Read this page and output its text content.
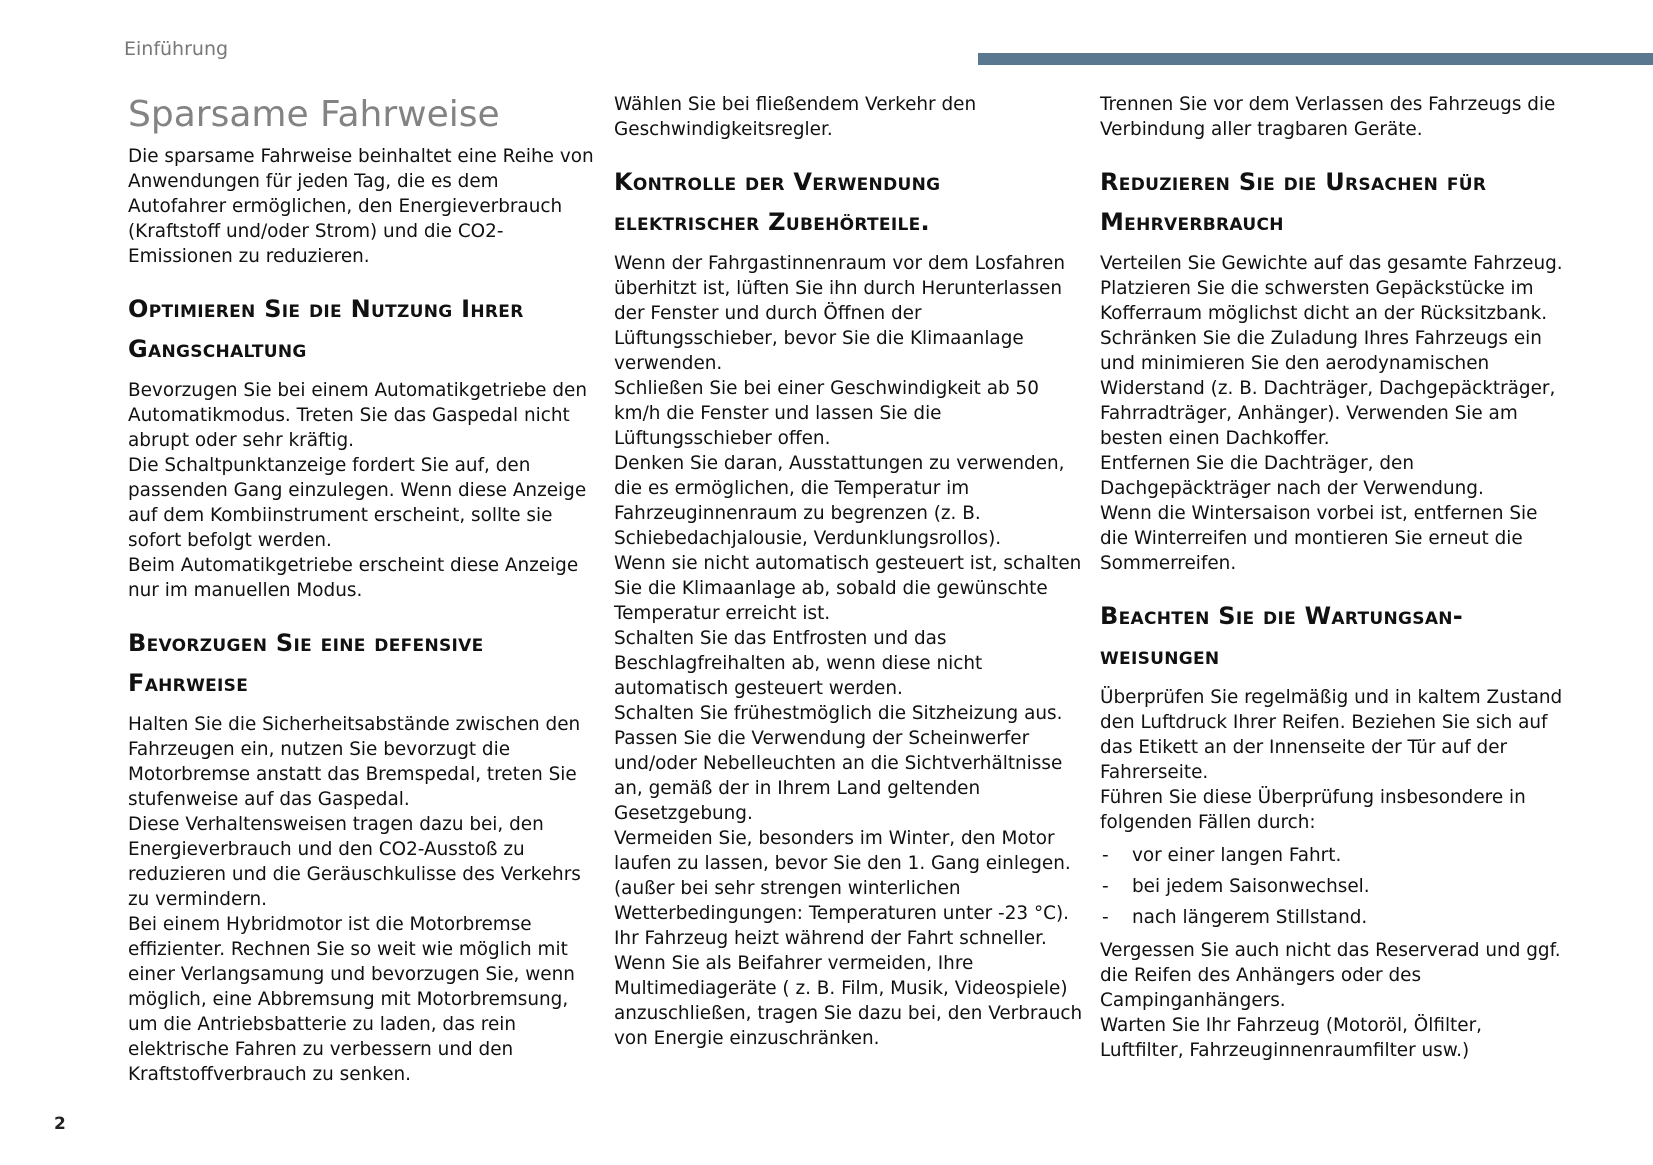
Einführung
Sparsame Fahrweise

Die sparsame Fahrweise beinhaltet eine Reihe von Anwendungen für jeden Tag, die es dem Autofahrer ermöglichen, den Energieverbrauch (Kraftstoff und/oder Strom) und die CO2-Emissionen zu reduzieren.

Optimieren Sie die Nutzung Ihrer Gangschaltung

Bevorzugen Sie bei einem Automatikgetriebe den Automatikmodus. Treten Sie das Gaspedal nicht abrupt oder sehr kräftig.

Die Schaltpunktanzeige fordert Sie auf, den passenden Gang einzulegen. Wenn diese Anzeige auf dem Kombiinstrument erscheint, sollte sie sofort befolgt werden.

Beim Automatikgetriebe erscheint diese Anzeige nur im manuellen Modus.

Bevorzugen Sie eine defensive Fahrweise

Halten Sie die Sicherheitsabstände zwischen den Fahrzeugen ein, nutzen Sie bevorzugt die Motorbremse anstatt das Bremspedal, treten Sie stufenweise auf das Gaspedal.

Diese Verhaltensweisen tragen dazu bei, den Energieverbrauch und den CO2-Ausstoß zu reduzieren und die Geräuschkulisse des Verkehrs zu vermindern.

Bei einem Hybridmotor ist die Motorbremse effizienter. Rechnen Sie so weit wie möglich mit einer Verlangsamung und bevorzugen Sie, wenn möglich, eine Abbremsung mit Motorbremsung, um die Antriebsbatterie zu laden, das rein elektrische Fahren zu verbessern und den Kraftstoffverbrauch zu senken.

Wählen Sie bei fließendem Verkehr den Geschwindigkeitsregler.

Kontrolle der Verwendung elektrischer Zubehörteile.

Wenn der Fahrgastinnenraum vor dem Losfahren überhitzt ist, lüften Sie ihn durch Herunterlassen der Fenster und durch Öffnen der Lüftungsschieber, bevor Sie die Klimaanlage verwenden.

Schließen Sie bei einer Geschwindigkeit ab 50 km/h die Fenster und lassen Sie die Lüftungsschieber offen.

Denken Sie daran, Ausstattungen zu verwenden, die es ermöglichen, die Temperatur im Fahrzeuginnenraum zu begrenzen (z. B. Schiebedachjalousie, Verdunklungsrollos).

Wenn sie nicht automatisch gesteuert ist, schalten Sie die Klimaanlage ab, sobald die gewünschte Temperatur erreicht ist.

Schalten Sie das Entfrosten und das Beschlagfreihalten ab, wenn diese nicht automatisch gesteuert werden.

Schalten Sie frühestmöglich die Sitzheizung aus.

Passen Sie die Verwendung der Scheinwerfer und/oder Nebelleuchten an die Sichtverhältnisse an, gemäß der in Ihrem Land geltenden Gesetzgebung.

Vermeiden Sie, besonders im Winter, den Motor laufen zu lassen, bevor Sie den 1. Gang einlegen.(außer bei sehr strengen winterlichen Wetterbedingungen: Temperaturen unter -23 °C). Ihr Fahrzeug heizt während der Fahrt schneller.

Wenn Sie als Beifahrer vermeiden, Ihre Multimediageräte ( z. B. Film, Musik, Videospiele) anzuschließen, tragen Sie dazu bei, den Verbrauch von Energie einzuschränken.

Trennen Sie vor dem Verlassen des Fahrzeugs die Verbindung aller tragbaren Geräte.

Reduzieren Sie die Ursachen für Mehrverbrauch

Verteilen Sie Gewichte auf das gesamte Fahrzeug. Platzieren Sie die schwersten Gepäckstücke im Kofferraum möglichst dicht an der Rücksitzbank.

Schränken Sie die Zuladung Ihres Fahrzeugs ein und minimieren Sie den aerodynamischen Widerstand (z. B. Dachträger, Dachgepäckträger, Fahrradträger, Anhänger). Verwenden Sie am besten einen Dachkoffer.

Entfernen Sie die Dachträger, den Dachgepäckträger nach der Verwendung.

Wenn die Wintersaison vorbei ist, entfernen Sie die Winterreifen und montieren Sie erneut die Sommerreifen.

Beachten Sie die Wartungsan-weisungen

Überprüfen Sie regelmäßig und in kaltem Zustand den Luftdruck Ihrer Reifen. Beziehen Sie sich auf das Etikett an der Innenseite der Tür auf der Fahrerseite.

Führen Sie diese Überprüfung insbesondere in folgenden Fällen durch:

- vor einer langen Fahrt.
- bei jedem Saisonwechsel.
- nach längerem Stillstand.

Vergessen Sie auch nicht das Reserverad und ggf. die Reifen des Anhängers oder des Campinganhängers.

Warten Sie Ihr Fahrzeug (Motoröl, Ölfilter, Luftfilter, Fahrzeuginnenraumfilter usw.)

2
